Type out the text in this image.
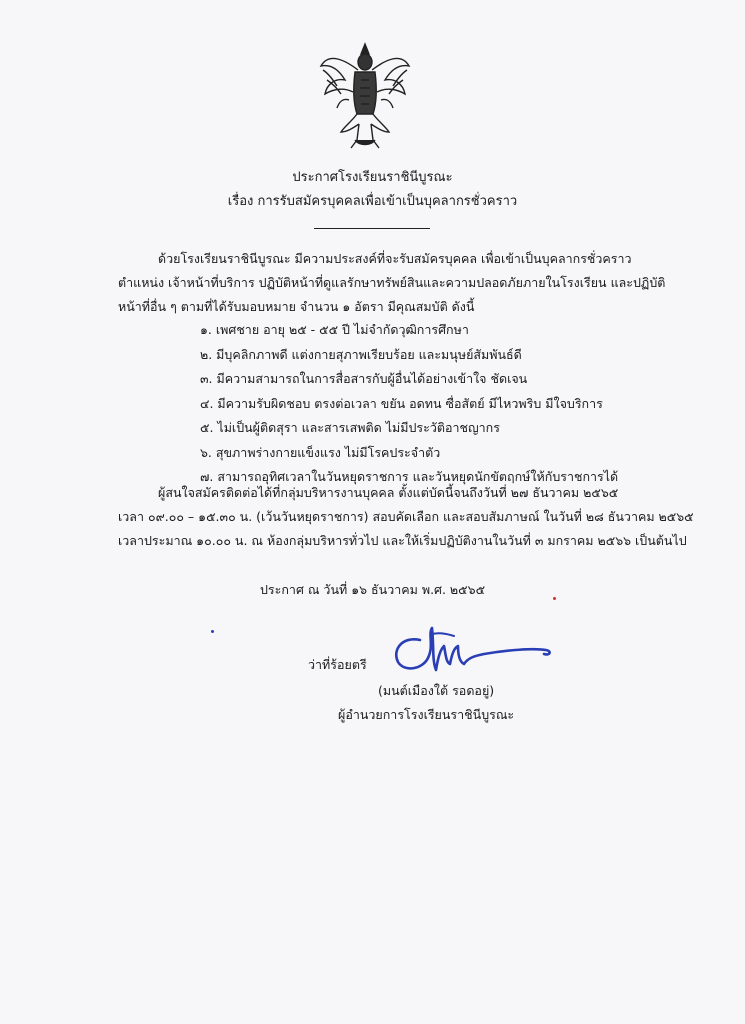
ประกาศโรงเรียนราชินีบูรณะ
เรื่อง การรับสมัครบุคคลเพื่อเข้าเป็นบุคลากรชั่วคราว
ด้วยโรงเรียนราชินีบูรณะ มีความประสงค์ที่จะรับสมัครบุคคล เพื่อเข้าเป็นบุคลากรชั่วคราว
ตำแหน่ง เจ้าหน้าที่บริการ ปฏิบัติหน้าที่ดูแลรักษาทรัพย์สินและความปลอดภัยภายในโรงเรียน และปฏิบัติ
หน้าที่อื่น ๆ ตามที่ได้รับมอบหมาย จำนวน ๑ อัตรา มีคุณสมบัติ ดังนี้
๑. เพศชาย อายุ ๒๕ - ๕๕ ปี ไม่จำกัดวุฒิการศึกษา
๒. มีบุคลิกภาพดี แต่งกายสุภาพเรียบร้อย และมนุษย์สัมพันธ์ดี
๓. มีความสามารถในการสื่อสารกับผู้อื่นได้อย่างเข้าใจ ชัดเจน
๔. มีความรับผิดชอบ ตรงต่อเวลา ขยัน อดทน ซื่อสัตย์ มีไหวพริบ มีใจบริการ
๕. ไม่เป็นผู้ติดสุรา และสารเสพติด ไม่มีประวัติอาชญากร
๖. สุขภาพร่างกายแข็งแรง ไม่มีโรคประจำตัว
๗. สามารถอุทิศเวลาในวันหยุดราชการ และวันหยุดนักขัตฤกษ์ให้กับราชการได้
ผู้สนใจสมัครติดต่อได้ที่กลุ่มบริหารงานบุคคล ตั้งแต่บัดนี้จนถึงวันที่ ๒๗ ธันวาคม ๒๕๖๕
เวลา ๐๙.๐๐ – ๑๕.๓๐ น. (เว้นวันหยุดราชการ) สอบคัดเลือก และสอบสัมภาษณ์ ในวันที่ ๒๘ ธันวาคม ๒๕๖๕
เวลาประมาณ ๑๐.๐๐ น. ณ ห้องกลุ่มบริหารทั่วไป และให้เริ่มปฏิบัติงานในวันที่ ๓ มกราคม ๒๕๖๖ เป็นต้นไป
ประกาศ ณ วันที่ ๑๖ ธันวาคม พ.ศ. ๒๕๖๕
ว่าที่ร้อยตรี
(มนต์เมืองใต้ รอดอยู่)
ผู้อำนวยการโรงเรียนราชินีบูรณะ
